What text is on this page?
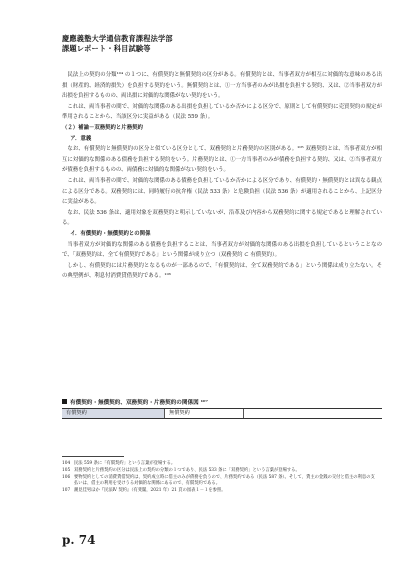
慶應義塾大学通信教育課程法学部
課題レポート・科目試験等

民法上の契約の分類¹⁰⁴ の１つに、有償契約と無償契約の区分がある。有償契約とは、当事者双方が相互に対価的な意味のある出損（財産的、経済的損失）を負担する契約をいう。無償契約とは、①一方当事者のみが出損を負担する契約、又は、②当事者双方が出損を負担するものの、両出損に対価的な関係がない契約をいう。

これは、両当事者の間で、対価的な関係のある出損を負担しているか否かによる区分で、原則として有償契約に売買契約の規定が準用されることから、当該区分に実益がある（民法 559 条）。

（２）補論－双務契約と片務契約

ア．意義

なお、有償契約と無償契約の区分と似ている区分として、双務契約と片務契約の区別がある。¹⁰⁵ 双務契約とは、当事者双方が相互に対価的な関係のある債務を負担する契約をいう。片務契約とは、①一方当事者のみが債務を負担する契約、又は、②当事者双方が債務を負担するものの、両債務に対価的な関係がない契約をいう。

これは、両当事者の間で、対価的な関係のある債務を負担しているか否かによる区分であり、有償契約・無償契約とは異なる観点による区分である。双務契約には、同時履行の抗弁権（民法 533 条）と危険負担（民法 536 条）が適用されることから、上記区分に実益がある。

なお、民法 536 条は、適用対象を双務契約と明示していないが、沿革及び内容から双務契約に関する規定であると理解されている。

イ．有償契約・無償契約との関係

当事者双方が対価的な関係のある債務を負担することは、当事者双方が対価的な関係のある出損を負担しているということなので、「双務契約は、全て有償契約である」という関係が成り立つ（双務契約 ⊂ 有償契約）。

しかし、有償契約には片務契約となるものが一部あるので、「有償契約は、全て双務契約である」という関係は成り立たない。その典型例が、利息付消費貸借契約である。¹⁰⁶

有償契約・無償契約、双務契約・片務契約の関係図 ¹⁰⁷
有償契約	無償契約
104 民法 559 条に「有償契約」という言葉が登場する。
105 双務契約と片務契約の区分は民法上の契約の分類の１つであり、民法 533 条に「双務契約」という言葉が登場する。
106 要物契約としての消費貸借契約は、契約成立時に借主のみが債務を負うので、片務契約である（民法 587 条）。そして、貸主の金銭の交付と借主の利息の支払いは、借主の利用を受けうる対価的な関係にあるので、有償契約である。
107 潮見佳男ほか『民法Ⅳ 契約』（有斐閣，2021 年）21 頁の図表１－１を参照。
p. 74
